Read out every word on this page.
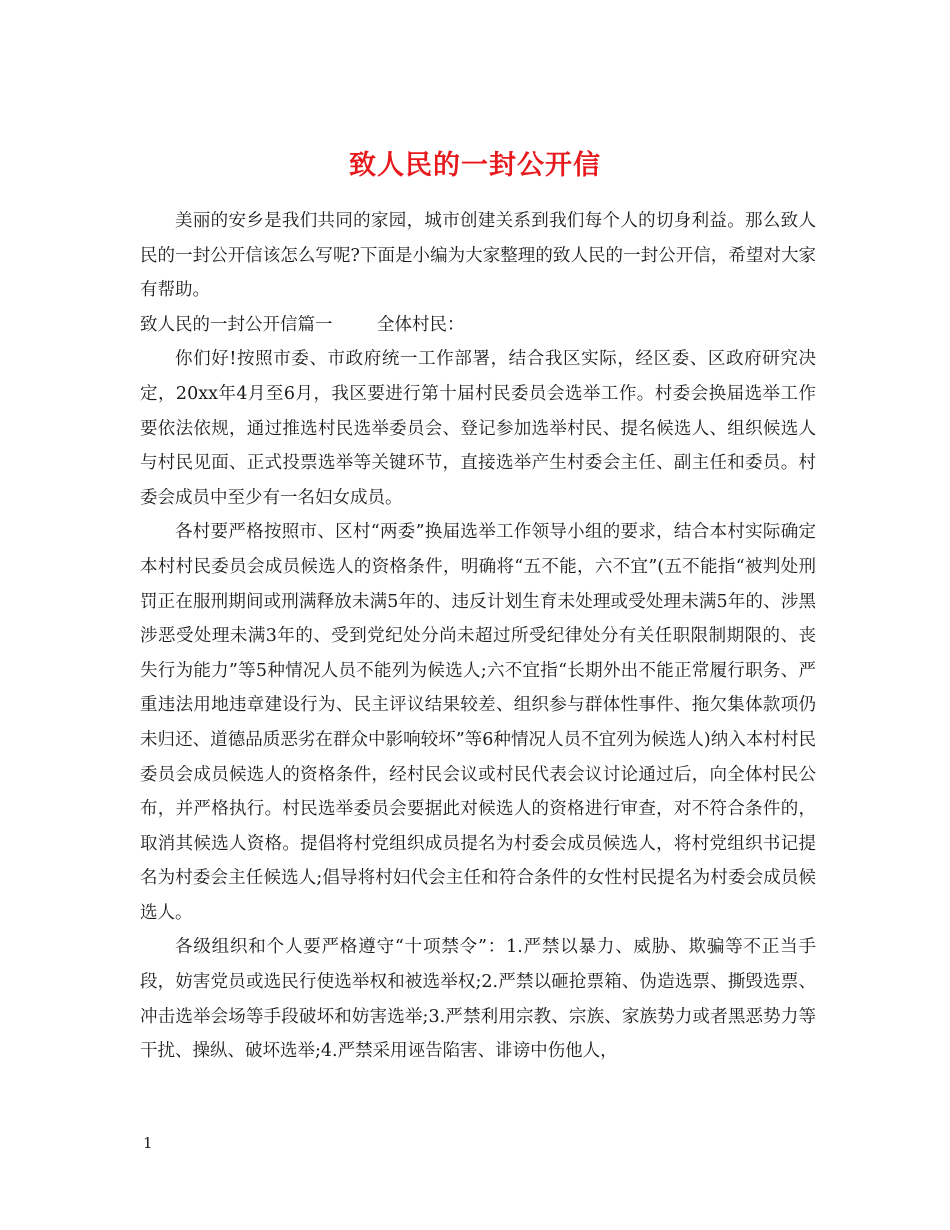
致人民的一封公开信

美丽的安乡是我们共同的家园，城市创建关系到我们每个人的切身利益。那么致人民的一封公开信该怎么写呢?下面是小编为大家整理的致人民的一封公开信，希望对大家有帮助。

致人民的一封公开信篇一        全体村民：

你们好!按照市委、市政府统一工作部署，结合我区实际，经区委、区政府研究决定，20xx年4月至6月，我区要进行第十届村民委员会选举工作。村委会换届选举工作要依法依规，通过推选村民选举委员会、登记参加选举村民、提名候选人、组织候选人与村民见面、正式投票选举等关键环节，直接选举产生村委会主任、副主任和委员。村委会成员中至少有一名妇女成员。

各村要严格按照市、区村“两委”换届选举工作领导小组的要求，结合本村实际确定本村村民委员会成员候选人的资格条件，明确将“五不能，六不宜”(五不能指“被判处刑罚正在服刑期间或刑满释放未满5年的、违反计划生育未处理或受处理未满5年的、涉黑涉恶受处理未满3年的、受到党纪处分尚未超过所受纪律处分有关任职限制期限的、丧失行为能力”等5种情况人员不能列为候选人;六不宜指“长期外出不能正常履行职务、严重违法用地违章建设行为、民主评议结果较差、组织参与群体性事件、拖欠集体款项仍未归还、道德品质恶劣在群众中影响较坏”等6种情况人员不宜列为候选人)纳入本村村民委员会成员候选人的资格条件，经村民会议或村民代表会议讨论通过后，向全体村民公布，并严格执行。村民选举委员会要据此对候选人的资格进行审查，对不符合条件的，取消其候选人资格。提倡将村党组织成员提名为村委会成员候选人，将村党组织书记提名为村委会主任候选人;倡导将村妇代会主任和符合条件的女性村民提名为村委会成员候选人。

各级组织和个人要严格遵守“十项禁令”：1.严禁以暴力、威胁、欺骗等不正当手段，妨害党员或选民行使选举权和被选举权;2.严禁以砸抢票箱、伪造选票、撕毁选票、冲击选举会场等手段破坏和妨害选举;3.严禁利用宗教、宗族、家族势力或者黑恶势力等干扰、操纵、破坏选举;4.严禁采用诬告陷害、诽谤中伤他人，

1
